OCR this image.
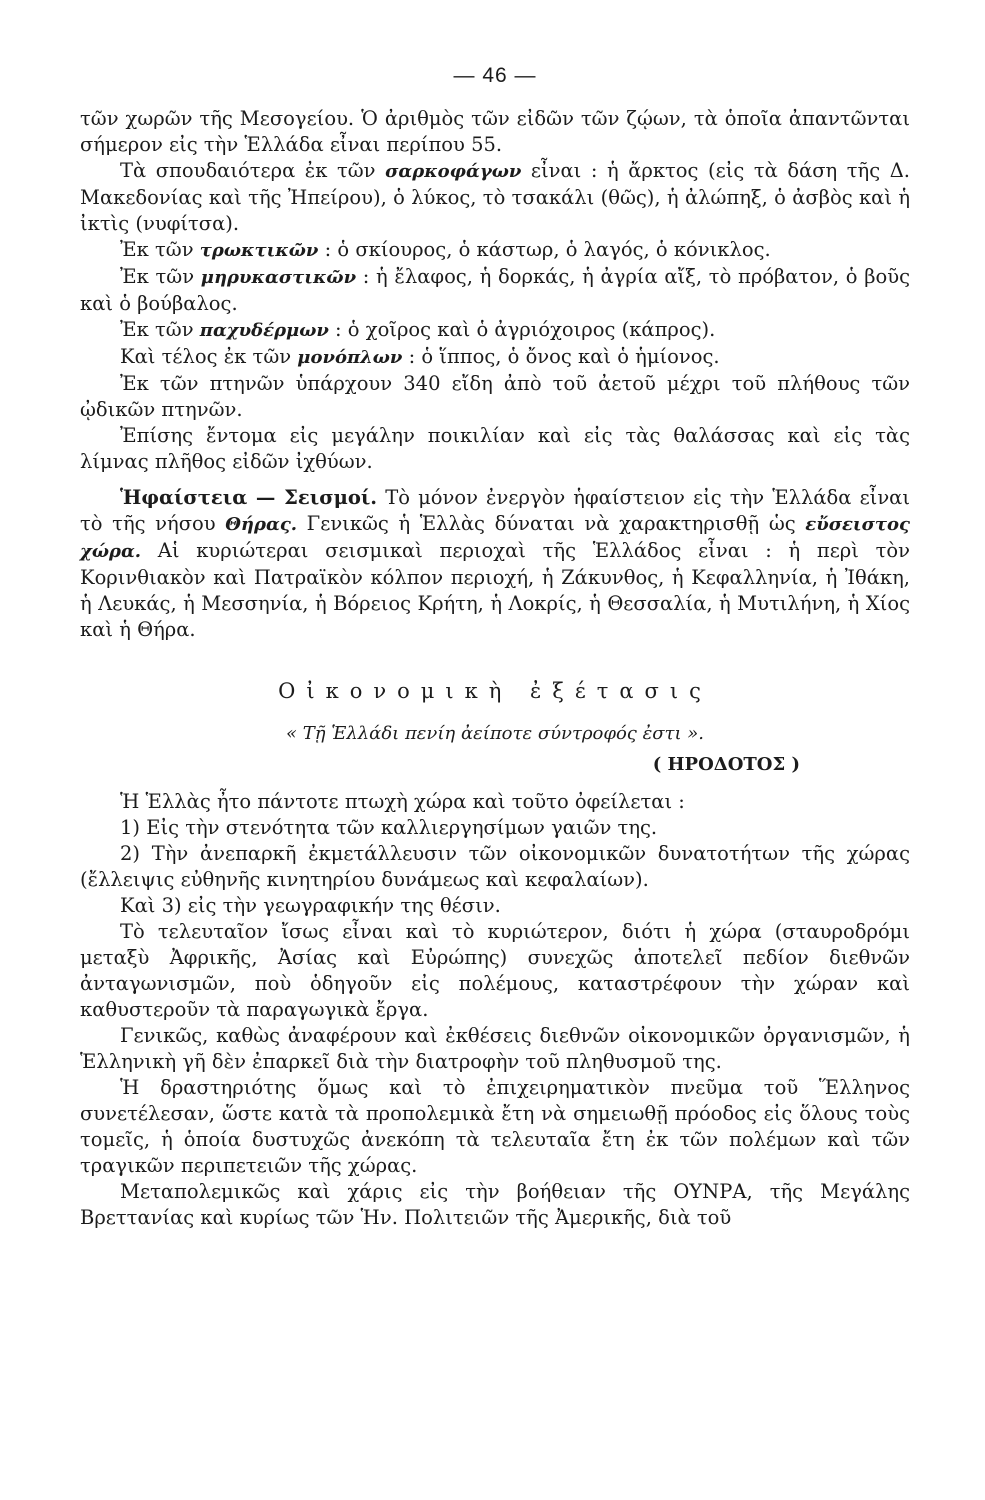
— 46 —

τῶν χωρῶν τῆς Μεσογείου. Ὁ ἀριθμὸς τῶν εἰδῶν τῶν ζῴων, τὰ ὁποῖα ἀπαντῶνται σήμερον εἰς τὴν Ἑλλάδα εἶναι περίπου 55.

Τὰ σπουδαιότερα ἐκ τῶν σαρκοφάγων εἶναι : ἡ ἄρκτος (εἰς τὰ δάση τῆς Δ. Μακεδονίας καὶ τῆς Ἠπείρου), ὁ λύκος, τὸ τσακάλι (θῶς), ἡ ἀλώπηξ, ὁ ἀσβὸς καὶ ἡ ἰκτὶς (νυφίτσα).

Ἐκ τῶν τρωκτικῶν : ὁ σκίουρος, ὁ κάστωρ, ὁ λαγός, ὁ κόνικλος.

Ἐκ τῶν μηρυκαστικῶν : ἡ ἔλαφος, ἡ δορκάς, ἡ ἀγρία αἴξ, τὸ πρόβατον, ὁ βοῦς καὶ ὁ βούβαλος.

Ἐκ τῶν παχυδέρμων : ὁ χοῖρος καὶ ὁ ἀγριόχοιρος (κάπρος).

Καὶ τέλος ἐκ τῶν μονόπλων : ὁ ἵππος, ὁ ὄνος καὶ ὁ ἡμίονος.

Ἐκ τῶν πτηνῶν ὑπάρχουν 340 εἴδη ἀπὸ τοῦ ἀετοῦ μέχρι τοῦ πλήθους τῶν ᾠδικῶν πτηνῶν.

Ἐπίσης ἔντομα εἰς μεγάλην ποικιλίαν καὶ εἰς τὰς θαλάσσας καὶ εἰς τὰς λίμνας πλῆθος εἰδῶν ἰχθύων.

Ἡφαίστεια — Σεισμοί. Τὸ μόνον ἐνεργὸν ἡφαίστειον εἰς τὴν Ἑλλάδα εἶναι τὸ τῆς νήσου Θήρας. Γενικῶς ἡ Ἑλλὰς δύναται νὰ χαρακτηρισθῇ ὡς εὔσειστος χώρα. Αἱ κυριώτεραι σεισμικαὶ περιοχαὶ τῆς Ἑλλάδος εἶναι : ἡ περὶ τὸν Κορινθιακὸν καὶ Πατραϊκὸν κόλπον περιοχή, ἡ Ζάκυνθος, ἡ Κεφαλληνία, ἡ Ἰθάκη, ἡ Λευκάς, ἡ Μεσσηνία, ἡ Βόρειος Κρήτη, ἡ Λοκρίς, ἡ Θεσσαλία, ἡ Μυτιλήνη, ἡ Χίος καὶ ἡ Θήρα.

Οἰκονομικὴ ἐξέτασις

« Τῇ Ἑλλάδι πενίη ἀείποτε σύντροφός ἐστι ».

( ΗΡΟΔΟΤΟΣ )

Ἡ Ἑλλὰς ἦτο πάντοτε πτωχὴ χώρα καὶ τοῦτο ὀφείλεται :

1) Εἰς τὴν στενότητα τῶν καλλιεργησίμων γαιῶν της.

2) Τὴν ἀνεπαρκῆ ἐκμετάλλευσιν τῶν οἰκονομικῶν δυνατοτήτων τῆς χώρας (ἔλλειψις εὐθηνῆς κινητηρίου δυνάμεως καὶ κεφαλαίων).

Καὶ 3) εἰς τὴν γεωγραφικήν της θέσιν.

Τὸ τελευταῖον ἴσως εἶναι καὶ τὸ κυριώτερον, διότι ἡ χώρα (σταυροδρόμι μεταξὺ Ἀφρικῆς, Ἀσίας καὶ Εὐρώπης) συνεχῶς ἀποτελεῖ πεδίον διεθνῶν ἀνταγωνισμῶν, ποὺ ὁδηγοῦν εἰς πολέμους, καταστρέφουν τὴν χώραν καὶ καθυστεροῦν τὰ παραγωγικὰ ἔργα.

Γενικῶς, καθὼς ἀναφέρουν καὶ ἐκθέσεις διεθνῶν οἰκονομικῶν ὀργανισμῶν, ἡ Ἑλληνικὴ γῆ δὲν ἐπαρκεῖ διὰ τὴν διατροφὴν τοῦ πληθυσμοῦ της.

Ἡ δραστηριότης ὅμως καὶ τὸ ἐπιχειρηματικὸν πνεῦμα τοῦ Ἕλληνος συνετέλεσαν, ὥστε κατὰ τὰ προπολεμικὰ ἔτη νὰ σημειωθῇ πρόοδος εἰς ὅλους τοὺς τομεῖς, ἡ ὁποία δυστυχῶς ἀνεκόπη τὰ τελευταῖα ἔτη ἐκ τῶν πολέμων καὶ τῶν τραγικῶν περιπετειῶν τῆς χώρας.

Μεταπολεμικῶς καὶ χάρις εἰς τὴν βοήθειαν τῆς ΟΥΝΡΑ, τῆς Μεγάλης Βρεττανίας καὶ κυρίως τῶν Ἡν. Πολιτειῶν τῆς Ἀμερικῆς, διὰ τοῦ
